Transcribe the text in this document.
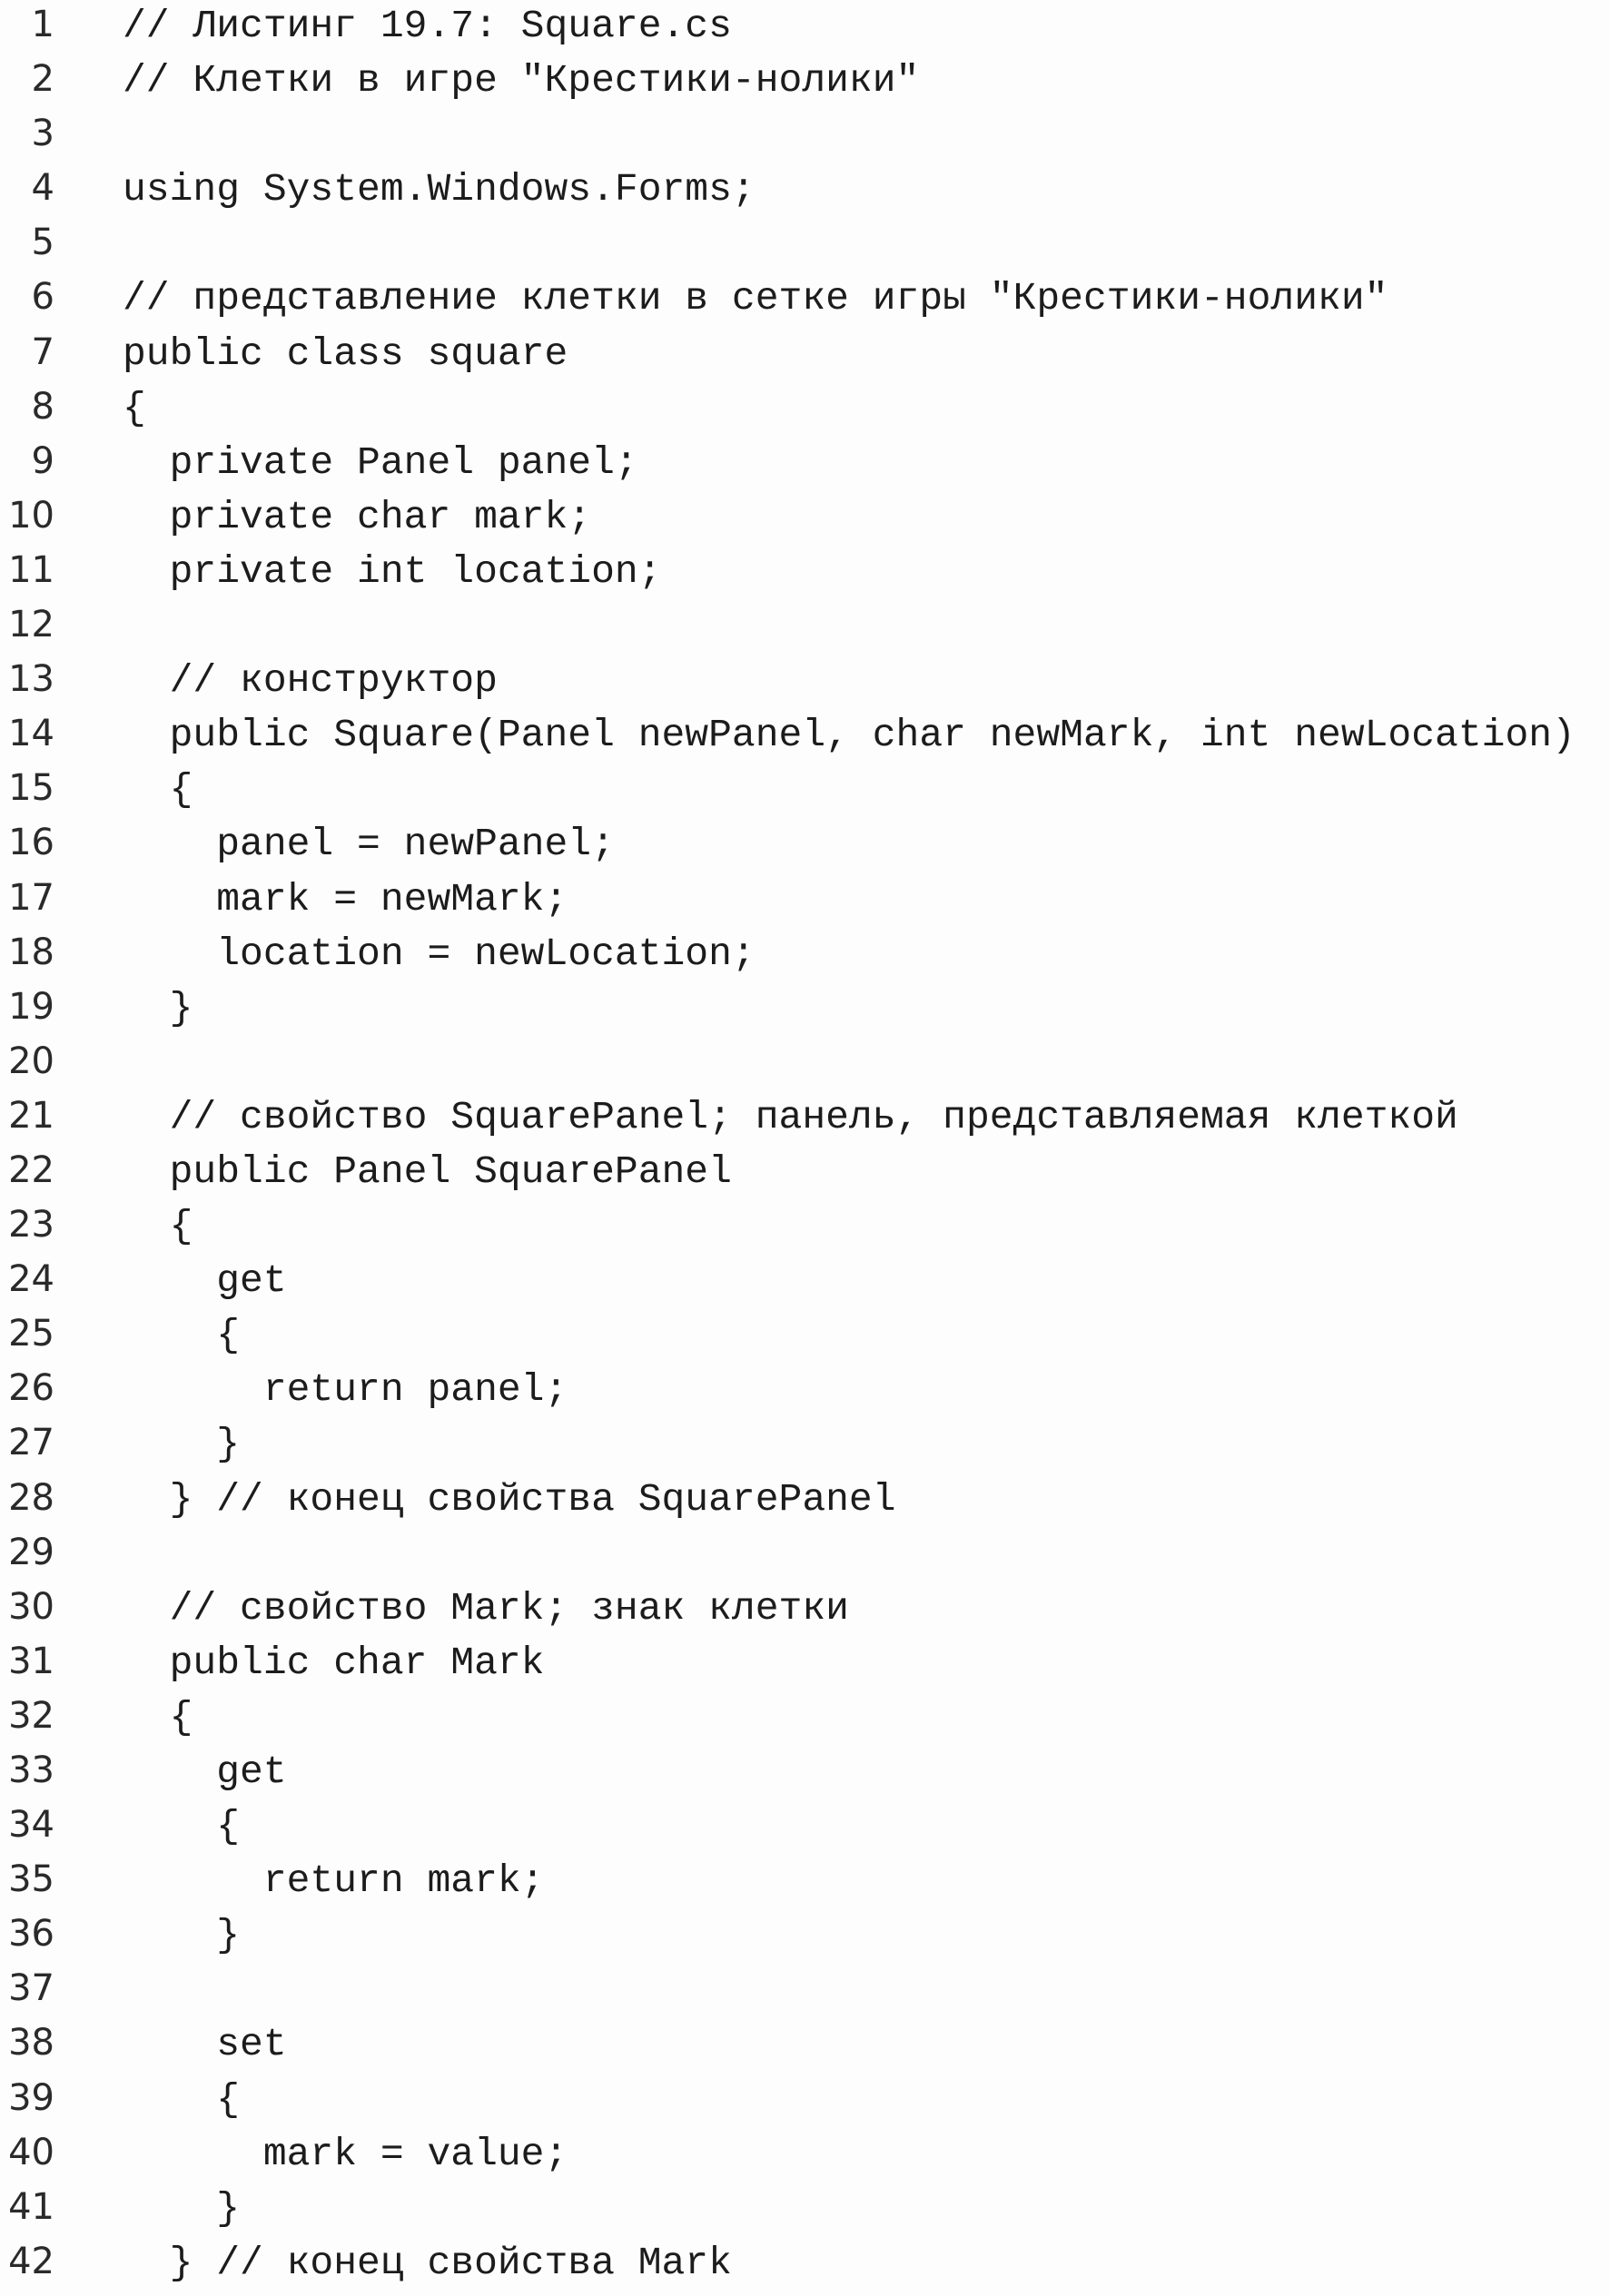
1	// Листинг 19.7: Square.cs
2	// Клетки в игре "Крестики-нолики"
3
4	using System.Windows.Forms;
5
6	// представление клетки в сетке игры "Крестики-нолики"
7	public class square
8	{
9	private Panel panel;
10	private char mark;
11	private int location;
12
13	// конструктор
14	public Square(Panel newPanel, char newMark, int newLocation)
15	{
16	panel = newPanel;
17	mark = newMark;
18	location = newLocation;
19	}
20
21	// свойство SquarePanel; панель, представляемая клеткой
22	public Panel SquarePanel
23	{
24	get
25	{
26	return panel;
27	}
28	} // конец свойства SquarePanel
29
30	// свойство Mark; знак клетки
31	public char Mark
32	{
33	get
34	{
35	return mark;
36	}
37
38	set
39	{
40	mark = value;
41	}
42	} // конец свойства Mark
